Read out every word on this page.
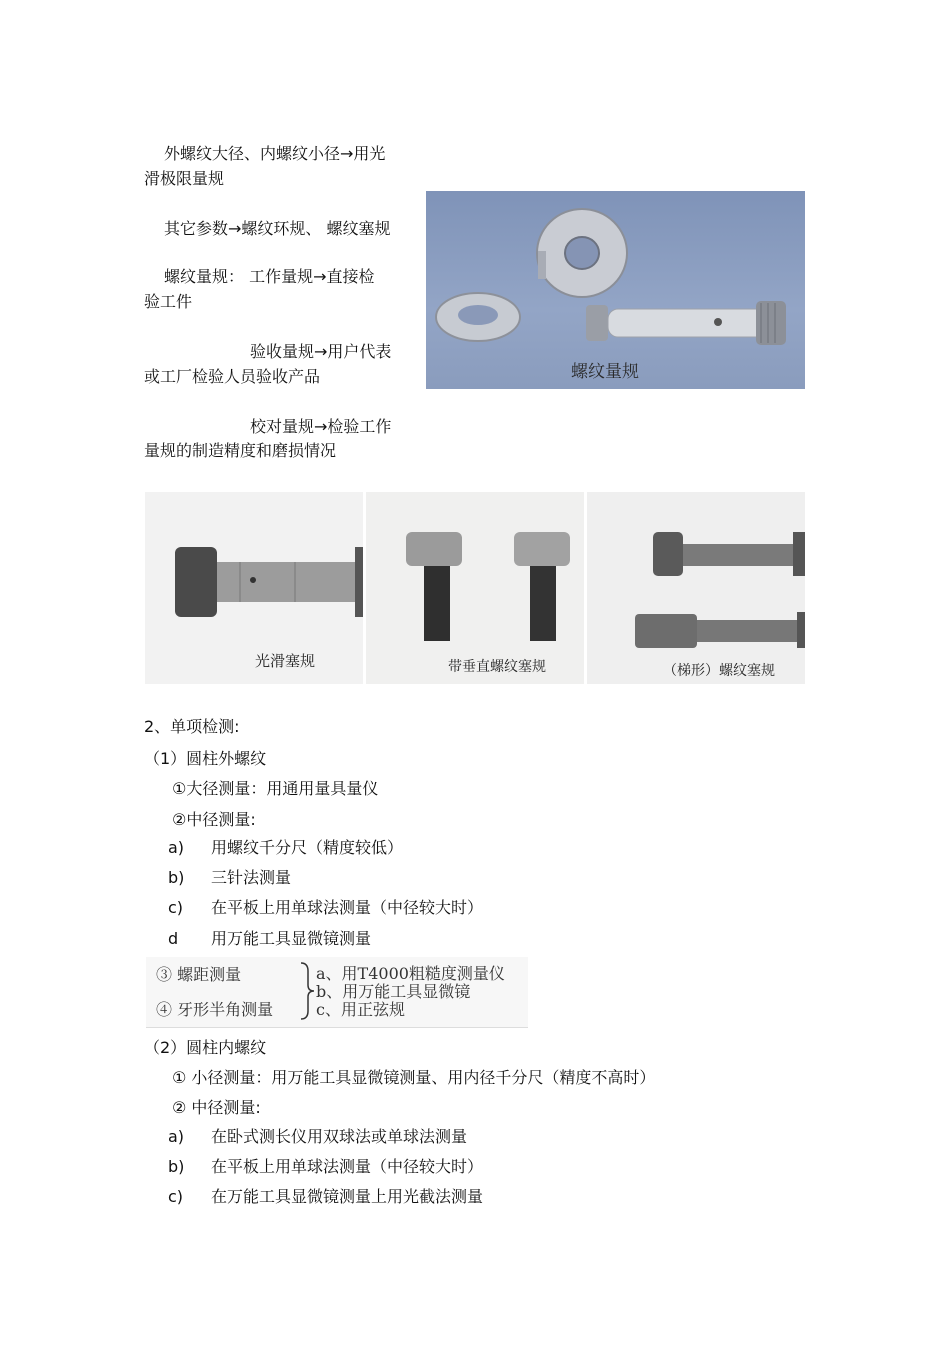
外螺纹大径、内螺纹小径→用光
滑极限量规
其它参数→螺纹环规、 螺纹塞规
螺纹量规： 工作量规→直接检
验工件
验收量规→用户代表
或工厂检验人员验收产品
校对量规→检验工作
量规的制造精度和磨损情况
螺纹量规
光滑塞规	带垂直螺纹塞规	（梯形）螺纹塞规
2、单项检测:
（1）圆柱外螺纹
①大径测量：用通用量具量仪
②中径测量:
a) 用螺纹千分尺（精度较低）
b) 三针法测量
c) 在平板上用单球法测量（中径较大时）
d 用万能工具显微镜测量
③ 螺距测量
④ 牙形半角测量
a、用T4000粗糙度测量仪
b、用万能工具显微镜
c、用正弦规
（2）圆柱内螺纹
① 小径测量：用万能工具显微镜测量、用内径千分尺（精度不高时）
② 中径测量:
a) 在卧式测长仪用双球法或单球法测量
b) 在平板上用单球法测量（中径较大时）
c) 在万能工具显微镜测量上用光截法测量
